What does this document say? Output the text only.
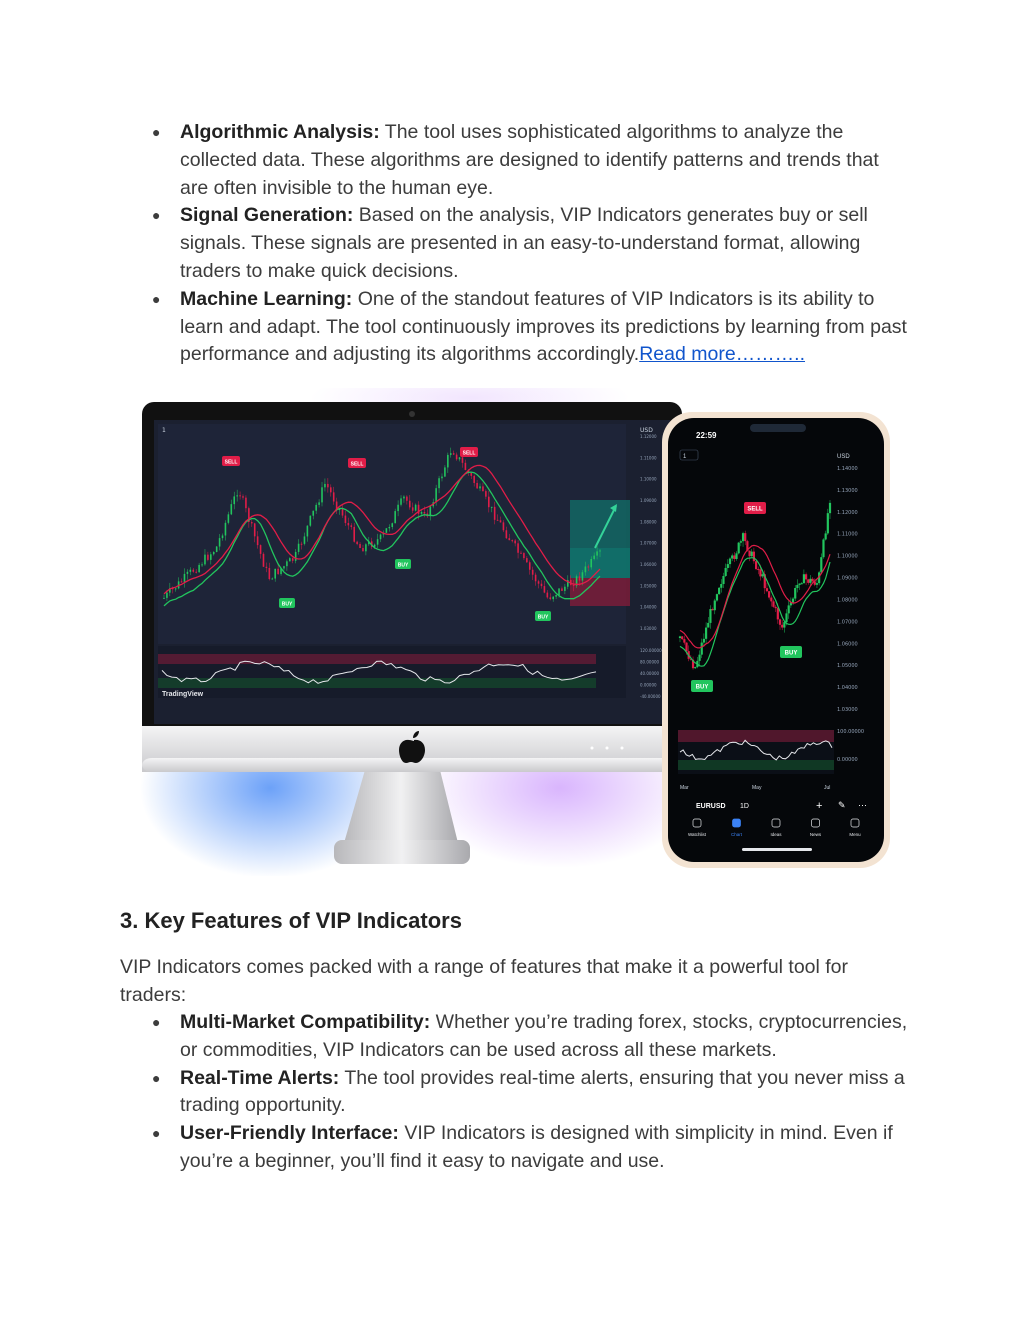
● Algorithmic Analysis: The tool uses sophisticated algorithms to analyze the collected data. These algorithms are designed to identify patterns and trends that are often invisible to the human eye.
● Signal Generation: Based on the analysis, VIP Indicators generates buy or sell signals. These signals are presented in an easy-to-understand format, allowing traders to make quick decisions.
● Machine Learning: One of the standout features of VIP Indicators is its ability to learn and adapt. The tool continuously improves its predictions by learning from past performance and adjusting its algorithms accordingly.Read more………..
1	USD
1.12000
1.11000
1.10000
1.09000
1.08000
1.07000
1.06000
1.05000
1.04000
1.03000
120.00000
80.00000
40.00000
0.00000
-40.00000
SELL	SELL
SELL
BUY
BUY
BUY
TradingView
22:59
1	USD
1.14000
1.13000
1.12000
1.11000
1.10000
1.09000
1.08000
1.07000
1.06000
1.05000
1.04000
1.03000
SELL
BUY
BUY
100.00000
0.00000
Mar	May	Jul
EURUSD 1D	+ ✎ ⋯
Watchlist	Chart	Ideas	News	Menu
3. Key Features of VIP Indicators

VIP Indicators comes packed with a range of features that make it a powerful tool for traders:

● Multi-Market Compatibility: Whether you’re trading forex, stocks, cryptocurrencies, or commodities, VIP Indicators can be used across all these markets.
● Real-Time Alerts: The tool provides real-time alerts, ensuring that you never miss a trading opportunity.
● User-Friendly Interface: VIP Indicators is designed with simplicity in mind. Even if you’re a beginner, you’ll find it easy to navigate and use.
